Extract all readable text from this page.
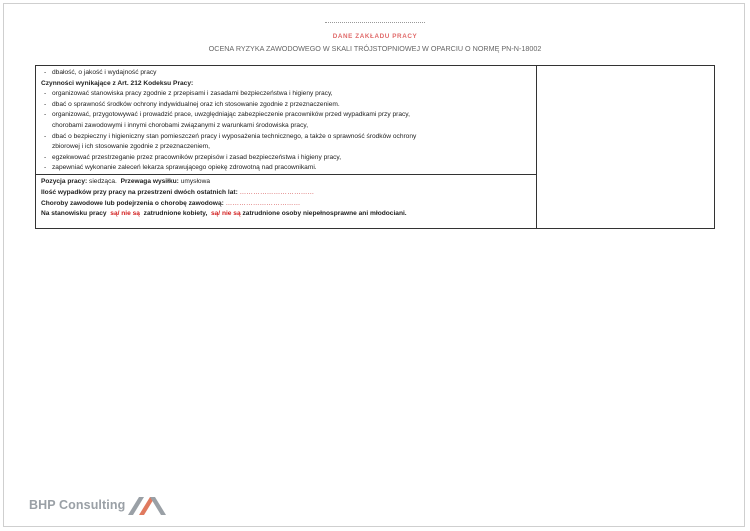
DANE ZAKŁADU PRACY
OCENA RYZYKA ZAWODOWEGO W SKALI TRÓJSTOPNIOWEJ W OPARCIU O NORMĘ PN-N-18002
- dbałość, o jakość i wydajność pracy
Czynności wynikające z Art. 212 Kodeksu Pracy:
- organizować stanowiska pracy zgodnie z przepisami i zasadami bezpieczeństwa i higieny pracy,
- dbać o sprawność środków ochrony indywidualnej oraz ich stosowanie zgodnie z przeznaczeniem.
- organizować, przygotowywać i prowadzić prace, uwzględniając zabezpieczenie pracowników przed wypadkami przy pracy,
chorobami zawodowymi i innymi chorobami związanymi z warunkami środowiska pracy,
- dbać o bezpieczny i higieniczny stan pomieszczeń pracy i wyposażenia technicznego, a także o sprawność środków ochrony
zbiorowej i ich stosowanie zgodnie z przeznaczeniem,
- egzekwować przestrzeganie przez pracowników przepisów i zasad bezpieczeństwa i higieny pracy,
- zapewniać wykonanie zaleceń lekarza sprawującego opiekę zdrowotną nad pracownikami.

Pozycja pracy: siedząca. Przewaga wysiłku: umysłowa
Ilość wypadków przy pracy na przestrzeni dwóch ostatnich lat: ……………………………
Choroby zawodowe lub podejrzenia o chorobę zawodową: ……………………………
Na stanowisku pracy są/ nie są zatrudnione kobiety, są/ nie są zatrudnione osoby niepełnosprawne ani młodociani.
BHP Consulting
